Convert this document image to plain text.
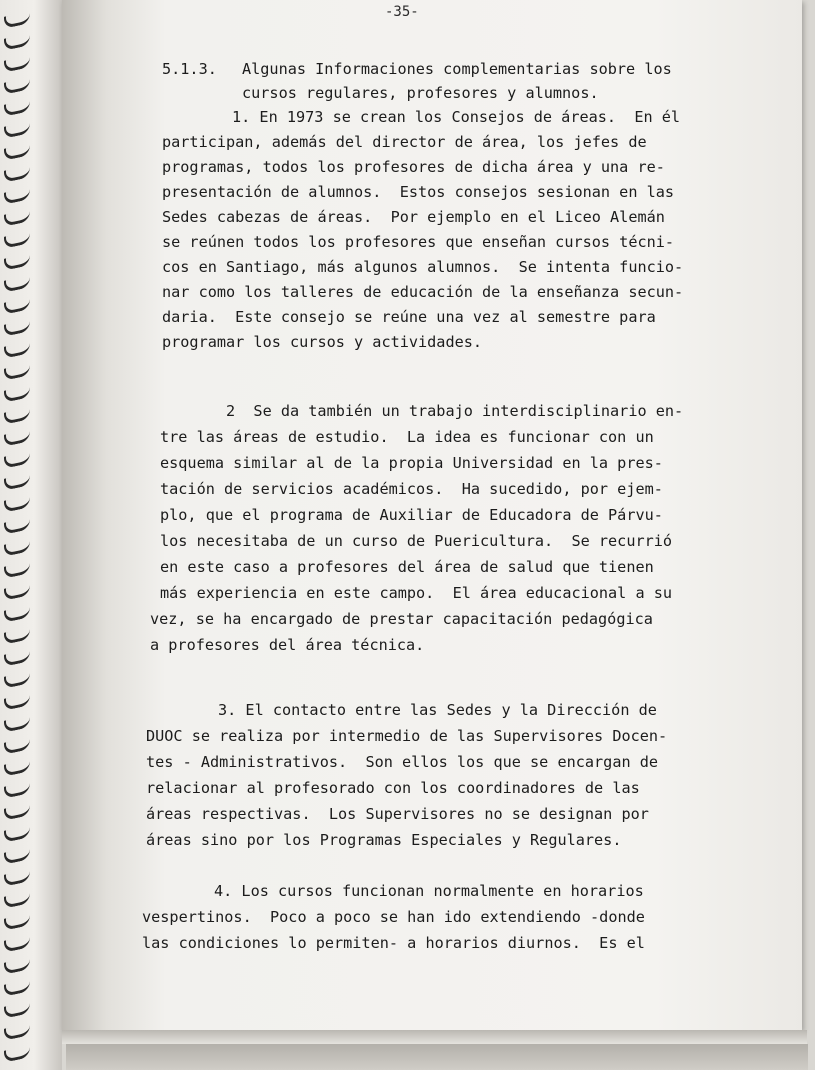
-35-
5.1.3. Algunas Informaciones complementarias sobre los
cursos regulares, profesores y alumnos.
1. En 1973 se crean los Consejos de áreas.  En él
participan, además del director de área, los jefes de
programas, todos los profesores de dicha área y una re-
presentación de alumnos.  Estos consejos sesionan en las
Sedes cabezas de áreas.  Por ejemplo en el Liceo Alemán
se reúnen todos los profesores que enseñan cursos técni-
cos en Santiago, más algunos alumnos.  Se intenta funcio-
nar como los talleres de educación de la enseñanza secun-
daria.  Este consejo se reúne una vez al semestre para
programar los cursos y actividades.
2  Se da también un trabajo interdisciplinario en-
tre las áreas de estudio.  La idea es funcionar con un
esquema similar al de la propia Universidad en la pres-
tación de servicios académicos.  Ha sucedido, por ejem-
plo, que el programa de Auxiliar de Educadora de Párvu-
los necesitaba de un curso de Puericultura.  Se recurrió
en este caso a profesores del área de salud que tienen
más experiencia en este campo.  El área educacional a su
vez, se ha encargado de prestar capacitación pedagógica
a profesores del área técnica.
3. El contacto entre las Sedes y la Dirección de
DUOC se realiza por intermedio de las Supervisores Docen-
tes - Administrativos.  Son ellos los que se encargan de
relacionar al profesorado con los coordinadores de las
áreas respectivas.  Los Supervisores no se designan por
áreas sino por los Programas Especiales y Regulares.
4. Los cursos funcionan normalmente en horarios
vespertinos.  Poco a poco se han ido extendiendo -donde
las condiciones lo permiten- a horarios diurnos.  Es el
